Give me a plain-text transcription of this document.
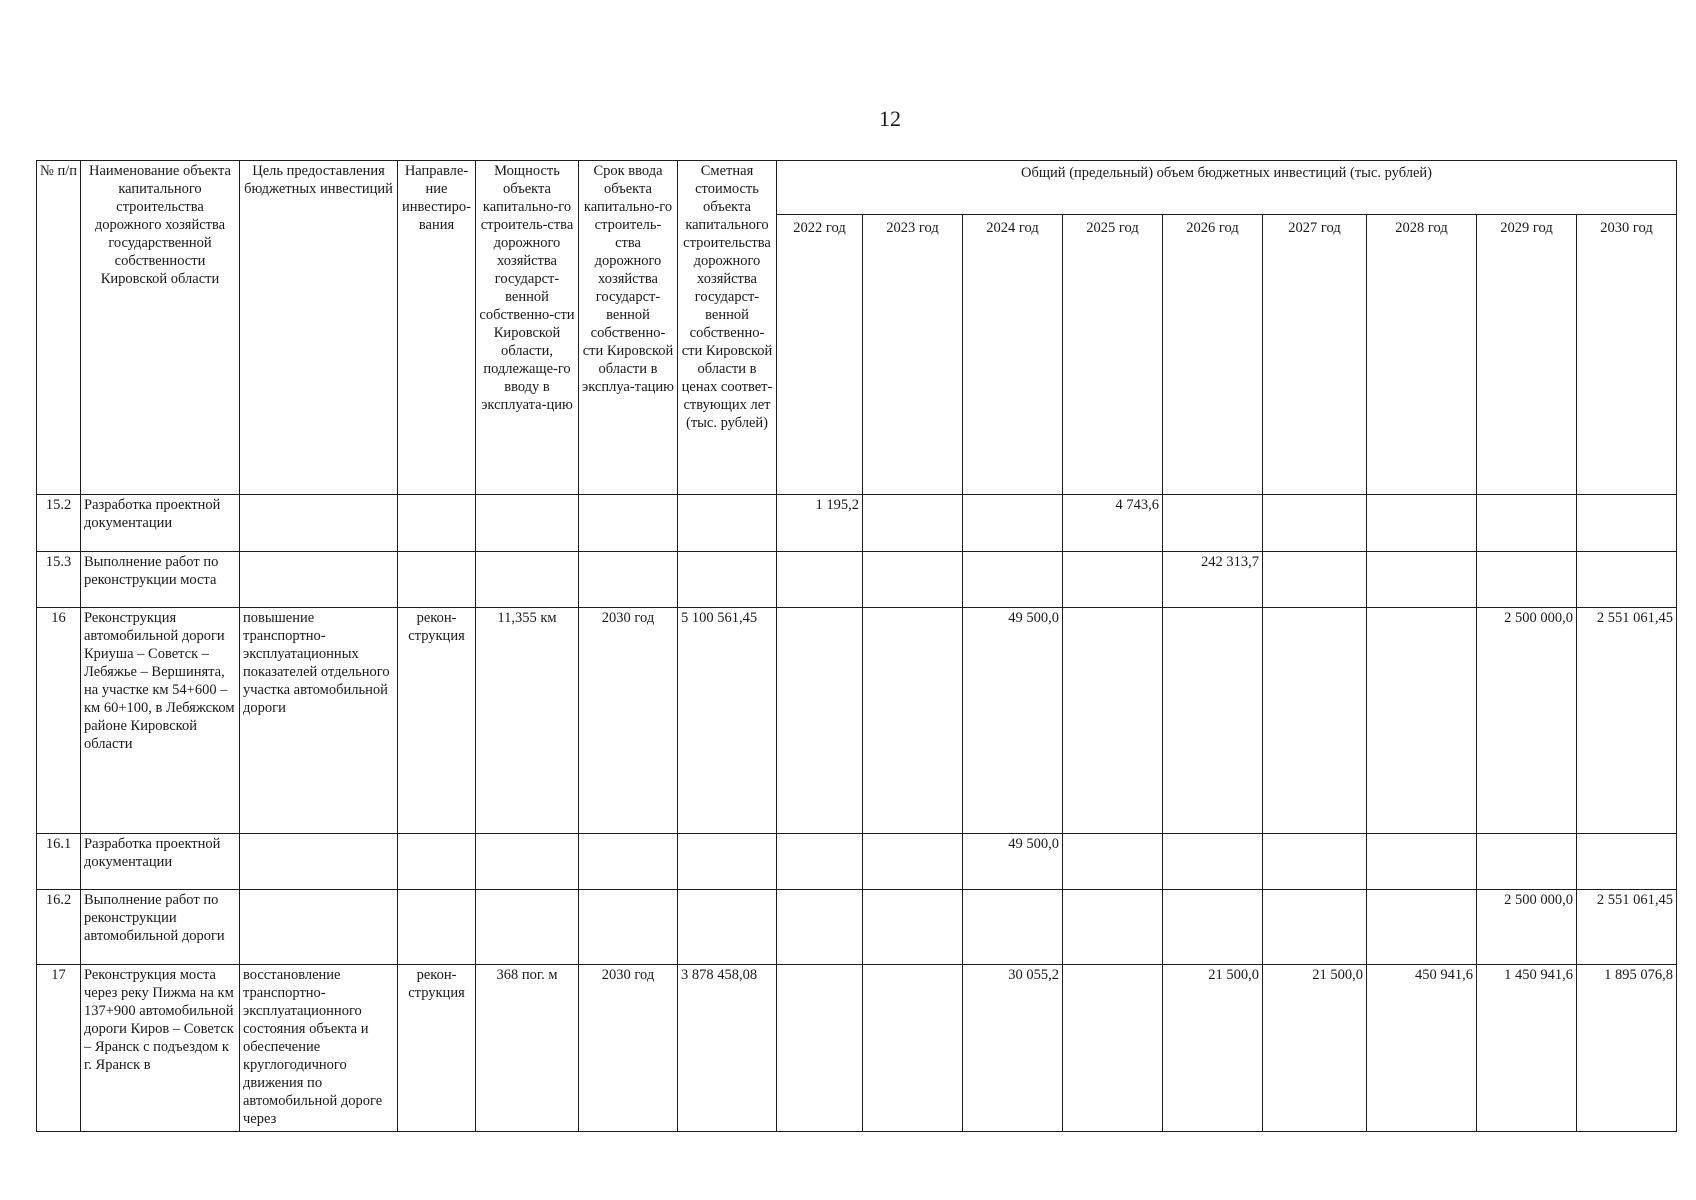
12
№ п/п	Наименование объекта капитального строительства дорожного хозяйства государственной собственности Кировской области	Цель предоставления бюджетных инвестиций	Направле-ние инвестиро-вания	Мощность объекта капитально-го строитель-ства дорожного хозяйства государст-венной собственно-сти Кировской области, подлежаще-го вводу в эксплуата-цию	Срок ввода объекта капитально-го строитель-ства дорожного хозяйства государст-венной собственно-сти Кировской области в эксплуа-тацию	Сметная стоимость объекта капитального строительства дорожного хозяйства государст-венной собственно-сти Кировской области в ценах соответ-ствующих лет (тыс. рублей)	Общий (предельный) объем бюджетных инвестиций (тыс. рублей)								
							2022 год	2023 год	2024 год	2025 год	2026 год	2027 год	2028 год	2029 год	2030 год
15.2	Разработка проектной документации						1 195,2			4 743,6					
15.3	Выполнение работ по реконструкции моста										242 313,7				
16	Реконструкция автомобильной дороги Криуша – Советск – Лебяжье – Вершинята, на участке км 54+600 – км 60+100, в Лебяжском районе Кировской области	повышение транспортно-эксплуатационных показателей отдельного участка автомобильной дороги	рекон-струкция	11,355 км	2030 год	5 100 561,45			49 500,0					2 500 000,0	2 551 061,45
16.1	Разработка проектной документации								49 500,0						
16.2	Выполнение работ по реконструкции автомобильной дороги													2 500 000,0	2 551 061,45
17	Реконструкция моста через реку Пижма на км 137+900 автомобильной дороги Киров – Советск – Яранск с подъездом к г. Яранск в	восстановление транспортно-эксплуатационного состояния объекта и обеспечение круглогодичного движения по автомобильной дороге через	рекон-струкция	368 пог. м	2030 год	3 878 458,08			30 055,2		21 500,0	21 500,0	450 941,6	1 450 941,6	1 895 076,8
